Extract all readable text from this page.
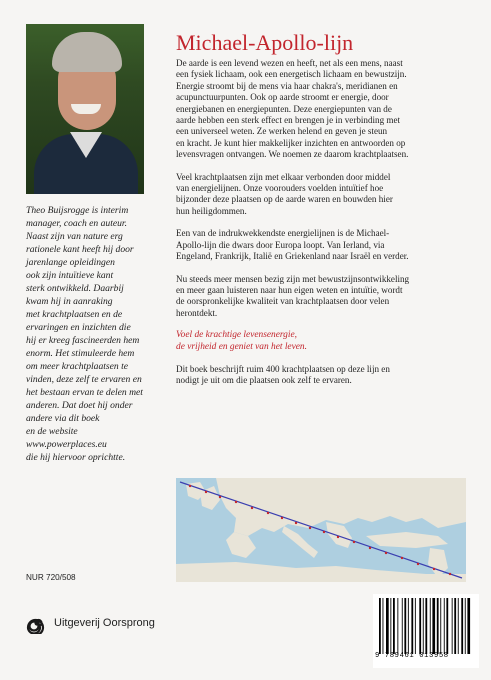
Theo Buijsrogge is interim
manager, coach en auteur.
Naast zijn van nature erg
rationele kant heeft hij door
jarenlange opleidingen
ook zijn intuïtieve kant
sterk ontwikkeld. Daarbij
kwam hij in aanraking
met krachtplaatsen en de
ervaringen en inzichten die
hij er kreeg fascineerden hem
enorm. Het stimuleerde hem
om meer krachtplaatsen te
vinden, deze zelf te ervaren en
het bestaan ervan te delen met
anderen. Dat doet hij onder
andere via dit boek
en de website
www.powerplaces.eu
die hij hiervoor oprichtte.
NUR 720/508
Uitgeverij Oorsprong
Michael-Apollo-lijn
De aarde is een levend wezen en heeft, net als een mens, naast
een fysiek lichaam, ook een energetisch lichaam en bewustzijn.
Energie stroomt bij de mens via haar chakra's, meridianen en
acupunctuurpunten. Ook op aarde stroomt er energie, door
energiebanen en energiepunten. Deze energiepunten van de
aarde hebben een sterk effect en brengen je in verbinding met
een universeel weten. Ze werken helend en geven je steun
en kracht. Je kunt hier makkelijker inzichten en antwoorden op
levensvragen ontvangen. We noemen ze daarom krachtplaatsen.
Veel krachtplaatsen zijn met elkaar verbonden door middel
van energielijnen. Onze voorouders voelden intuïtief hoe
bijzonder deze plaatsen op de aarde waren en bouwden hier
hun heiligdommen.
Een van de indrukwekkendste energielijnen is de Michael-
Apollo-lijn die dwars door Europa loopt. Van Ierland, via
Engeland, Frankrijk, Italië en Griekenland naar Israël en verder.
Nu steeds meer mensen bezig zijn met bewustzijnsontwikkeling
en meer gaan luisteren naar hun eigen weten en intuïtie, wordt
de oorspronkelijke kwaliteit van krachtplaatsen door velen
herontdekt.
Voel de krachtige levensenergie,
de vrijheid en geniet van het leven.
Dit boek beschrijft ruim 400 krachtplaatsen op deze lijn en
nodigt je uit om die plaatsen ook zelf te ervaren.
9 789461 013958
